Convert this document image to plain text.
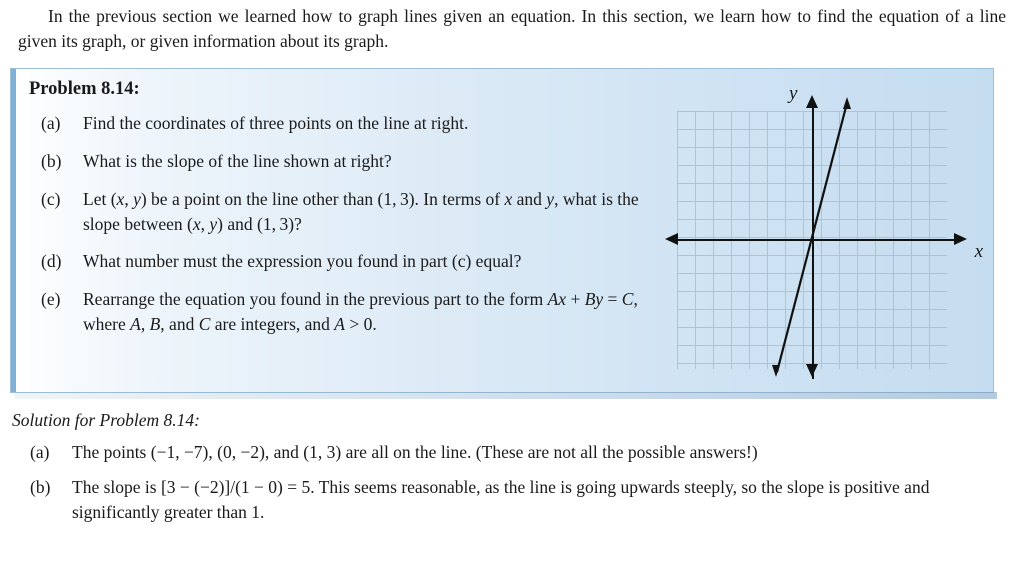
In the previous section we learned how to graph lines given an equation. In this section, we learn how to find the equation of a line given its graph, or given information about its graph.
Problem 8.14:
(a)	Find the coordinates of three points on the line at right.
(b)	What is the slope of the line shown at right?
(c)	Let (x, y) be a point on the line other than (1, 3). In terms of x and y, what is the slope between (x, y) and (1, 3)?
(d)	What number must the expression you found in part (c) equal?
(e)	Rearrange the equation you found in the previous part to the form Ax + By = C, where A, B, and C are integers, and A > 0.
y
x
Solution for Problem 8.14:
(a) The points (−1, −7), (0, −2), and (1, 3) are all on the line. (These are not all the possible answers!)
(b) The slope is [3 − (−2)]/(1 − 0) = 5. This seems reasonable, as the line is going upwards steeply, so the slope is positive and significantly greater than 1.
